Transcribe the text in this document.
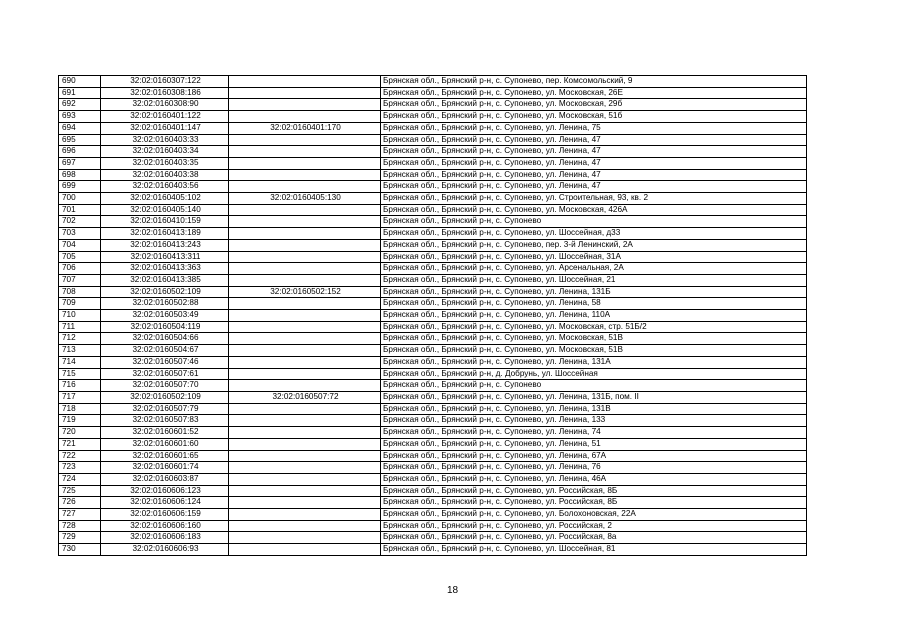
690	32:02:0160307:122		Брянская обл., Брянский р-н, с. Супонево, пер. Комсомольский, 9
691	32:02:0160308:186		Брянская обл., Брянский р-н, с. Супонево, ул. Московская, 26Е
692	32:02:0160308:90		Брянская обл., Брянский р-н, с. Супонево, ул. Московская, 29б
693	32:02:0160401:122		Брянская обл., Брянский р-н, с. Супонево, ул. Московская, 51б
694	32:02:0160401:147	32:02:0160401:170	Брянская обл., Брянский р-н, с. Супонево, ул. Ленина, 75
695	32:02:0160403:33		Брянская обл., Брянский р-н, с. Супонево, ул. Ленина, 47
696	32:02:0160403:34		Брянская обл., Брянский р-н, с. Супонево, ул. Ленина, 47
697	32:02:0160403:35		Брянская обл., Брянский р-н, с. Супонево, ул. Ленина, 47
698	32:02:0160403:38		Брянская обл., Брянский р-н, с. Супонево, ул. Ленина, 47
699	32:02:0160403:56		Брянская обл., Брянский р-н, с. Супонево, ул. Ленина, 47
700	32:02:0160405:102	32:02:0160405:130	Брянская обл., Брянский р-н, с. Супонево, ул. Строительная, 93, кв. 2
701	32:02:0160405:140		Брянская обл., Брянский р-н, с. Супонево, ул. Московская, 426А
702	32:02:0160410:159		Брянская обл., Брянский р-н, с. Супонево
703	32:02:0160413:189		Брянская обл., Брянский р-н, с. Супонево, ул. Шоссейная, д33
704	32:02:0160413:243		Брянская обл., Брянский р-н, с. Супонево, пер. 3-й Ленинский, 2А
705	32:02:0160413:311		Брянская обл., Брянский р-н, с. Супонево, ул. Шоссейная, 31А
706	32:02:0160413:363		Брянская обл., Брянский р-н, с. Супонево, ул. Арсенальная, 2А
707	32:02:0160413:385		Брянская обл., Брянский р-н, с. Супонево, ул. Шоссейная, 21
708	32:02:0160502:109	32:02:0160502:152	Брянская обл., Брянский р-н, с. Супонево, ул. Ленина, 131Б
709	32:02:0160502:88		Брянская обл., Брянский р-н, с. Супонево, ул. Ленина, 58
710	32:02:0160503:49		Брянская обл., Брянский р-н, с. Супонево, ул. Ленина, 110А
711	32:02:0160504:119		Брянская обл., Брянский р-н, с. Супонево, ул. Московская, стр. 51Б/2
712	32:02:0160504:66		Брянская обл., Брянский р-н, с. Супонево, ул. Московская, 51В
713	32:02:0160504:67		Брянская обл., Брянский р-н, с. Супонево, ул. Московская, 51В
714	32:02:0160507:46		Брянская обл., Брянский р-н, с. Супонево, ул. Ленина, 131А
715	32:02:0160507:61		Брянская обл., Брянский р-н, д. Добрунь, ул. Шоссейная
716	32:02:0160507:70		Брянская обл., Брянский р-н, с. Супонево
717	32:02:0160502:109	32:02:0160507:72	Брянская обл., Брянский р-н, с. Супонево, ул. Ленина, 131Б, пом. II
718	32:02:0160507:79		Брянская обл., Брянский р-н, с. Супонево, ул. Ленина, 131В
719	32:02:0160507:83		Брянская обл., Брянский р-н, с. Супонево, ул. Ленина, 133
720	32:02:0160601:52		Брянская обл., Брянский р-н, с. Супонево, ул. Ленина, 74
721	32:02:0160601:60		Брянская обл., Брянский р-н, с. Супонево, ул. Ленина, 51
722	32:02:0160601:65		Брянская обл., Брянский р-н, с. Супонево, ул. Ленина, 67А
723	32:02:0160601:74		Брянская обл., Брянский р-н, с. Супонево, ул. Ленина, 76
724	32:02:0160603:87		Брянская обл., Брянский р-н, с. Супонево, ул. Ленина, 46А
725	32:02:0160606:123		Брянская обл., Брянский р-н, с. Супонево, ул. Российская, 8Б
726	32:02:0160606:124		Брянская обл., Брянский р-н, с. Супонево, ул. Российская, 8Б
727	32:02:0160606:159		Брянская обл., Брянский р-н, с. Супонево, ул. Болохоновская, 22А
728	32:02:0160606:160		Брянская обл., Брянский р-н, с. Супонево, ул. Российская, 2
729	32:02:0160606:183		Брянская обл., Брянский р-н, с. Супонево, ул. Российская, 8а
730	32:02:0160606:93		Брянская обл., Брянский р-н, с. Супонево, ул. Шоссейная, 81
18
